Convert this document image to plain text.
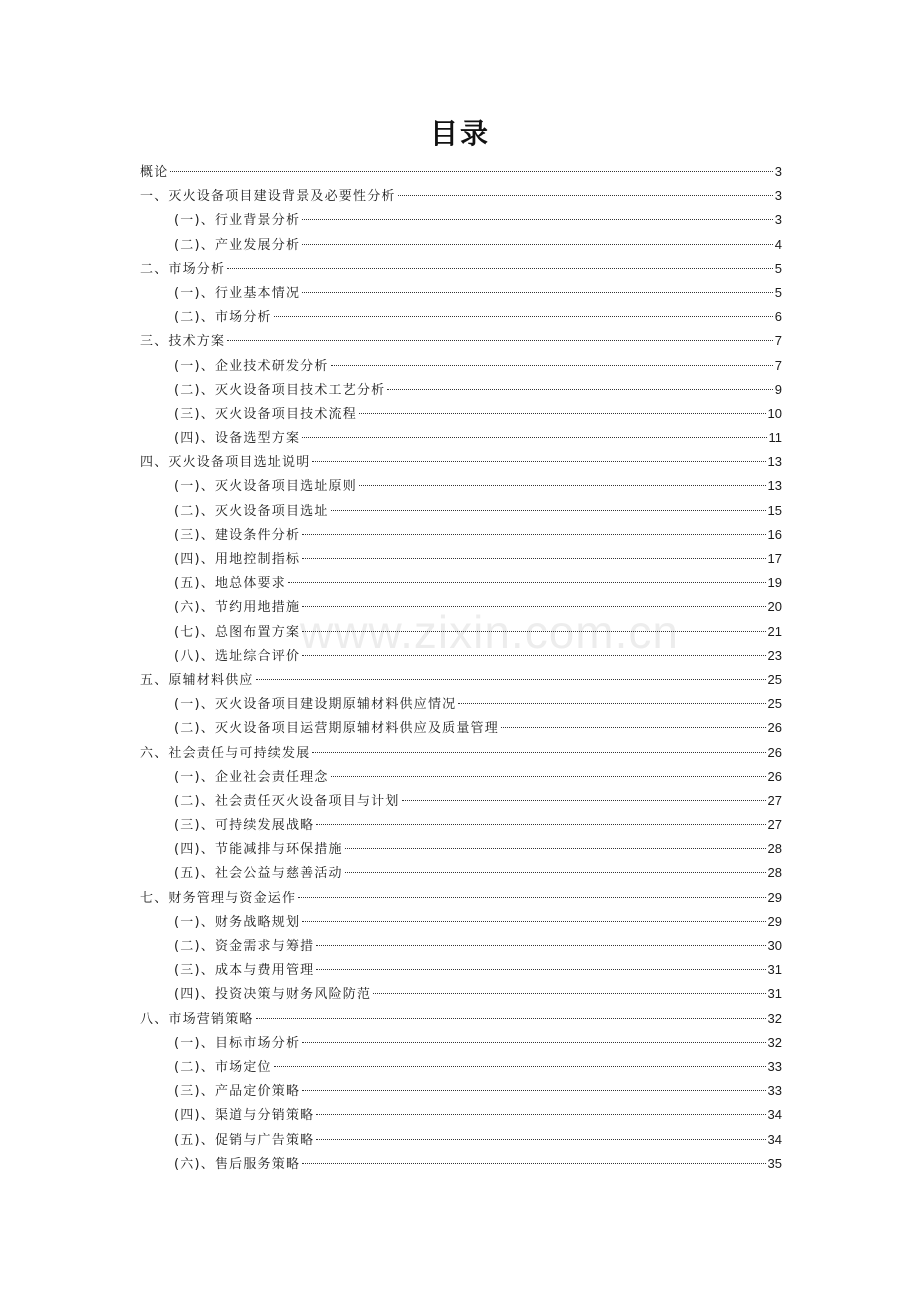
目录
概论	3
一、灭火设备项目建设背景及必要性分析	3
(一)、行业背景分析	3
(二)、产业发展分析	4
二、市场分析	5
(一)、行业基本情况	5
(二)、市场分析	6
三、技术方案	7
(一)、企业技术研发分析	7
(二)、灭火设备项目技术工艺分析	9
(三)、灭火设备项目技术流程	10
(四)、设备选型方案	11
四、灭火设备项目选址说明	13
(一)、灭火设备项目选址原则	13
(二)、灭火设备项目选址	15
(三)、建设条件分析	16
(四)、用地控制指标	17
(五)、地总体要求	19
(六)、节约用地措施	20
(七)、总图布置方案	21
(八)、选址综合评价	23
五、原辅材料供应	25
(一)、灭火设备项目建设期原辅材料供应情况	25
(二)、灭火设备项目运营期原辅材料供应及质量管理	26
六、社会责任与可持续发展	26
(一)、企业社会责任理念	26
(二)、社会责任灭火设备项目与计划	27
(三)、可持续发展战略	27
(四)、节能减排与环保措施	28
(五)、社会公益与慈善活动	28
七、财务管理与资金运作	29
(一)、财务战略规划	29
(二)、资金需求与筹措	30
(三)、成本与费用管理	31
(四)、投资决策与财务风险防范	31
八、市场营销策略	32
(一)、目标市场分析	32
(二)、市场定位	33
(三)、产品定价策略	33
(四)、渠道与分销策略	34
(五)、促销与广告策略	34
(六)、售后服务策略	35
www.zixin.com.cn
